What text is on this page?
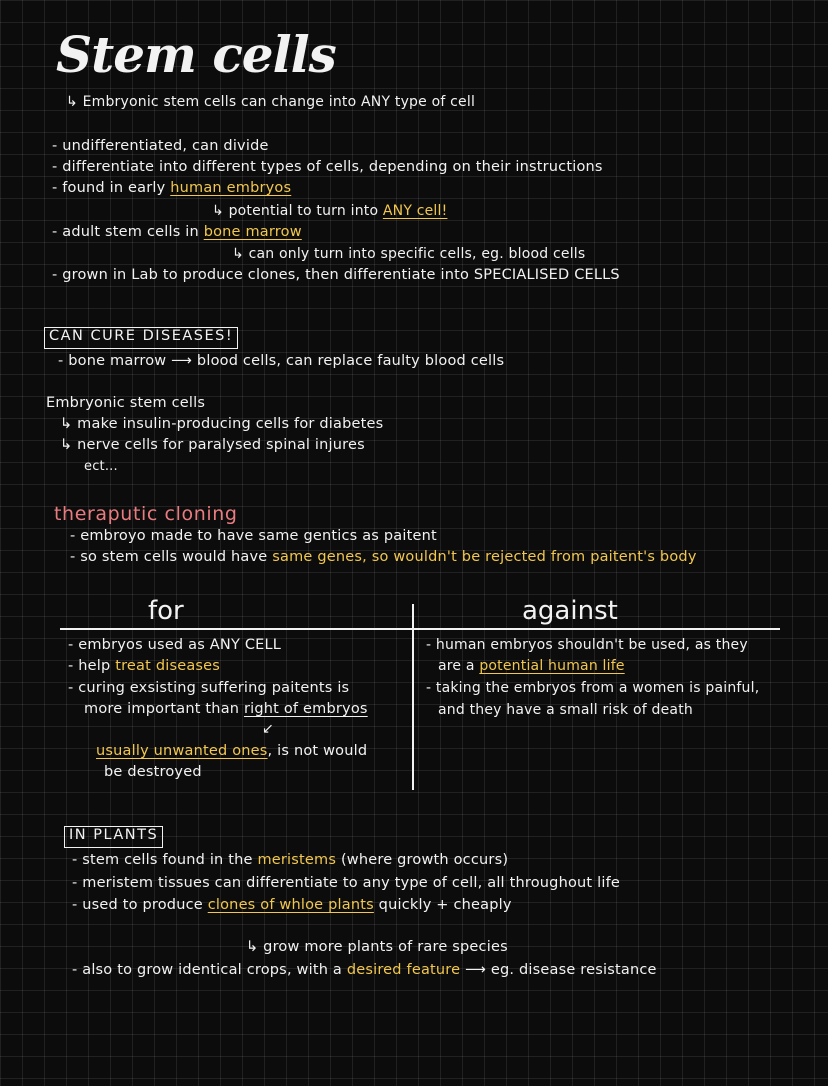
Stem cells
↳ Embryonic stem cells can change into ANY type of cell
- undifferentiated, can divide
- differentiate into different types of cells, depending on their instructions
- found in early human embryos
↳ potential to turn into ANY cell!
- adult stem cells in bone marrow
↳ can only turn into specific cells, eg. blood cells
- grown in Lab to produce clones, then differentiate into SPECIALISED CELLS
CAN CURE DISEASES!
- bone marrow ⟶ blood cells, can replace faulty blood cells
Embryonic stem cells
↳ make insulin-producing cells for diabetes
↳ nerve cells for paralysed spinal injures
ect...
theraputic cloning
- embroyo made to have same gentics as paitent
- so stem cells would have same genes, so wouldn't be rejected from paitent's body
for	against
- embryos used as ANY CELL
- help treat diseases
- curing exsisting suffering paitents is
more important than right of embryos
↙
usually unwanted ones, is not would
be destroyed
- human embryos shouldn't be used, as they
are a potential human life
- taking the embryos from a women is painful,
and they have a small risk of death
IN PLANTS
- stem cells found in the meristems (where growth occurs)
- meristem tissues can differentiate to any type of cell, all throughout life
- used to produce clones of whloe plants quickly + cheaply
↳ grow more plants of rare species
- also to grow identical crops, with a desired feature ⟶ eg. disease resistance
